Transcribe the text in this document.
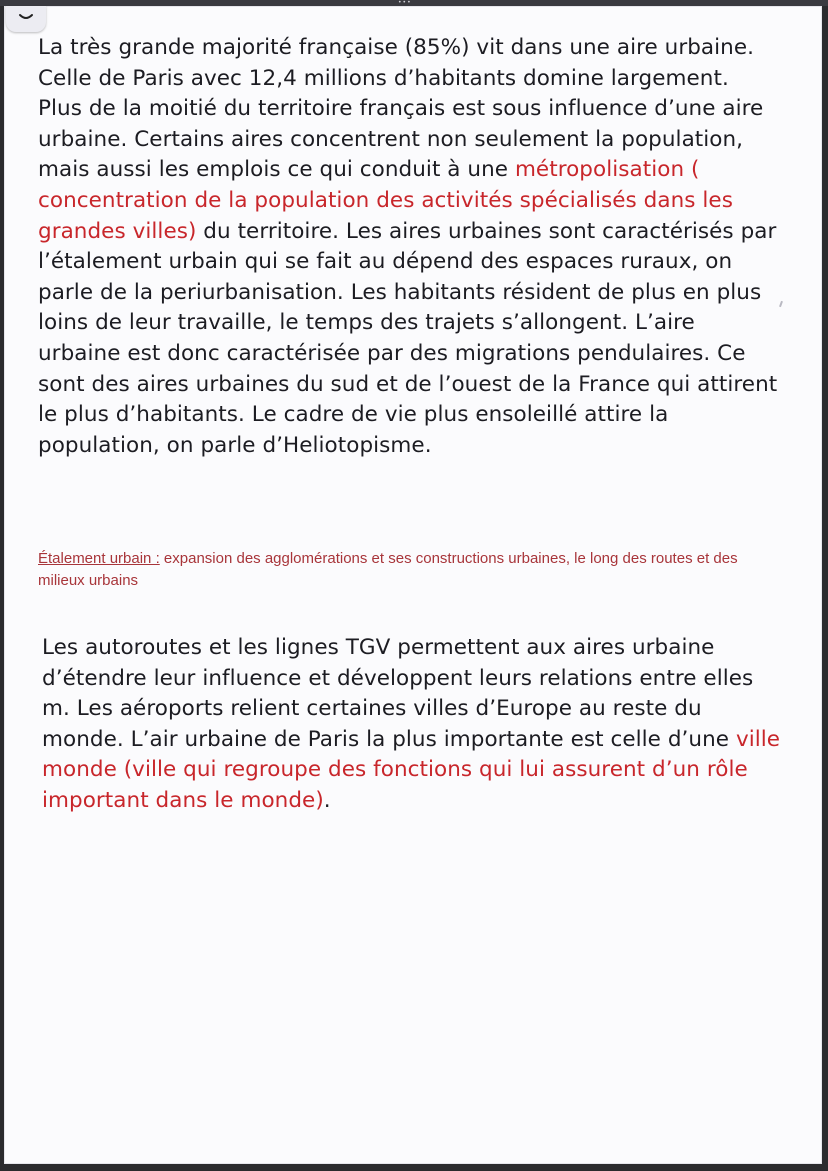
•••

La très grande majorité française (85%) vit dans une aire urbaine. Celle de Paris avec 12,4 millions d’habitants domine largement. Plus de la moitié du territoire français est sous influence d’une aire urbaine. Certains aires concentrent non seulement la population, mais aussi les emplois ce qui conduit à une métropolisation ( concentration de la population des activités spécialisés dans les grandes villes) du territoire. Les aires urbaines sont caractérisés par l’étalement urbain qui se fait au dépend des espaces ruraux, on parle de la periurbanisation. Les habitants résident de plus en plus loins de leur travaille, le temps des trajets s’allongent. L’aire urbaine est donc caractérisée par des migrations pendulaires. Ce sont des aires urbaines du sud et de l’ouest de la France qui attirent le plus d’habitants. Le cadre de vie plus ensoleillé attire la population, on parle d’Heliotopisme.

Étalement urbain : expansion des agglomérations et ses constructions urbaines, le long des routes et des milieux urbains

Les autoroutes et les lignes TGV permettent aux aires urbaine d’étendre leur influence et développent leurs relations entre elles m. Les aéroports relient certaines villes d’Europe au reste du monde. L’air urbaine de Paris la plus importante est celle d’une ville monde (ville qui regroupe des fonctions qui lui assurent d’un rôle important dans le monde).
